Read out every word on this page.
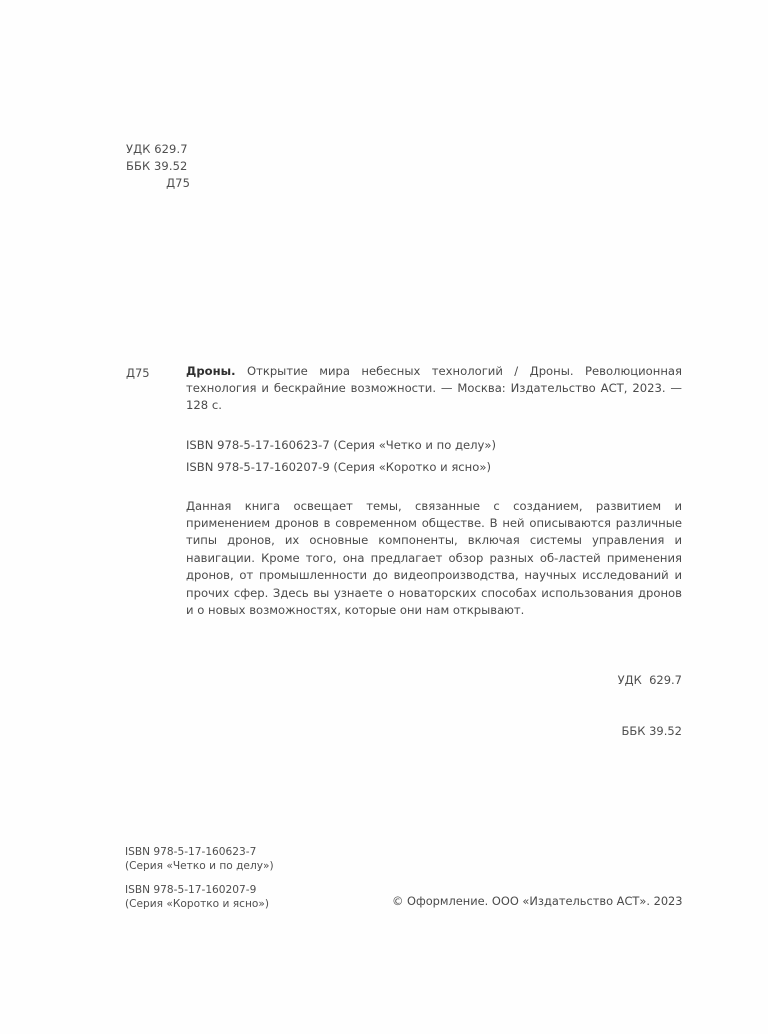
УДК 629.7
ББК 39.52
Д75
Д75	Дроны. Открытие мира небесных технологий / Дроны. Революционная технология и бескрайние возможности. — Москва: Издательство АСТ, 2023. — 128 с.

ISBN 978-5-17-160623-7 (Серия «Четко и по делу»)
ISBN 978-5-17-160207-9 (Серия «Коротко и ясно»)

Данная книга освещает темы, связанные с созданием, развитием и применением дронов в современном обществе. В ней описываются различные типы дронов, их основные компоненты, включая системы управления и навигации. Кроме того, она предлагает обзор разных об-ластей применения дронов, от промышленности до видеопроизводства, научных исследований и прочих сфер. Здесь вы узнаете о новаторских способах использования дронов и о новых возможностях, которые они нам открывают.

УДК  629.7

ББК 39.52

ISBN 978-5-17-160623-7
(Серия «Четко и по делу»)
ISBN 978-5-17-160207-9
(Серия «Коротко и ясно»)	© Оформление. ООО «Издательство АСТ». 2023
